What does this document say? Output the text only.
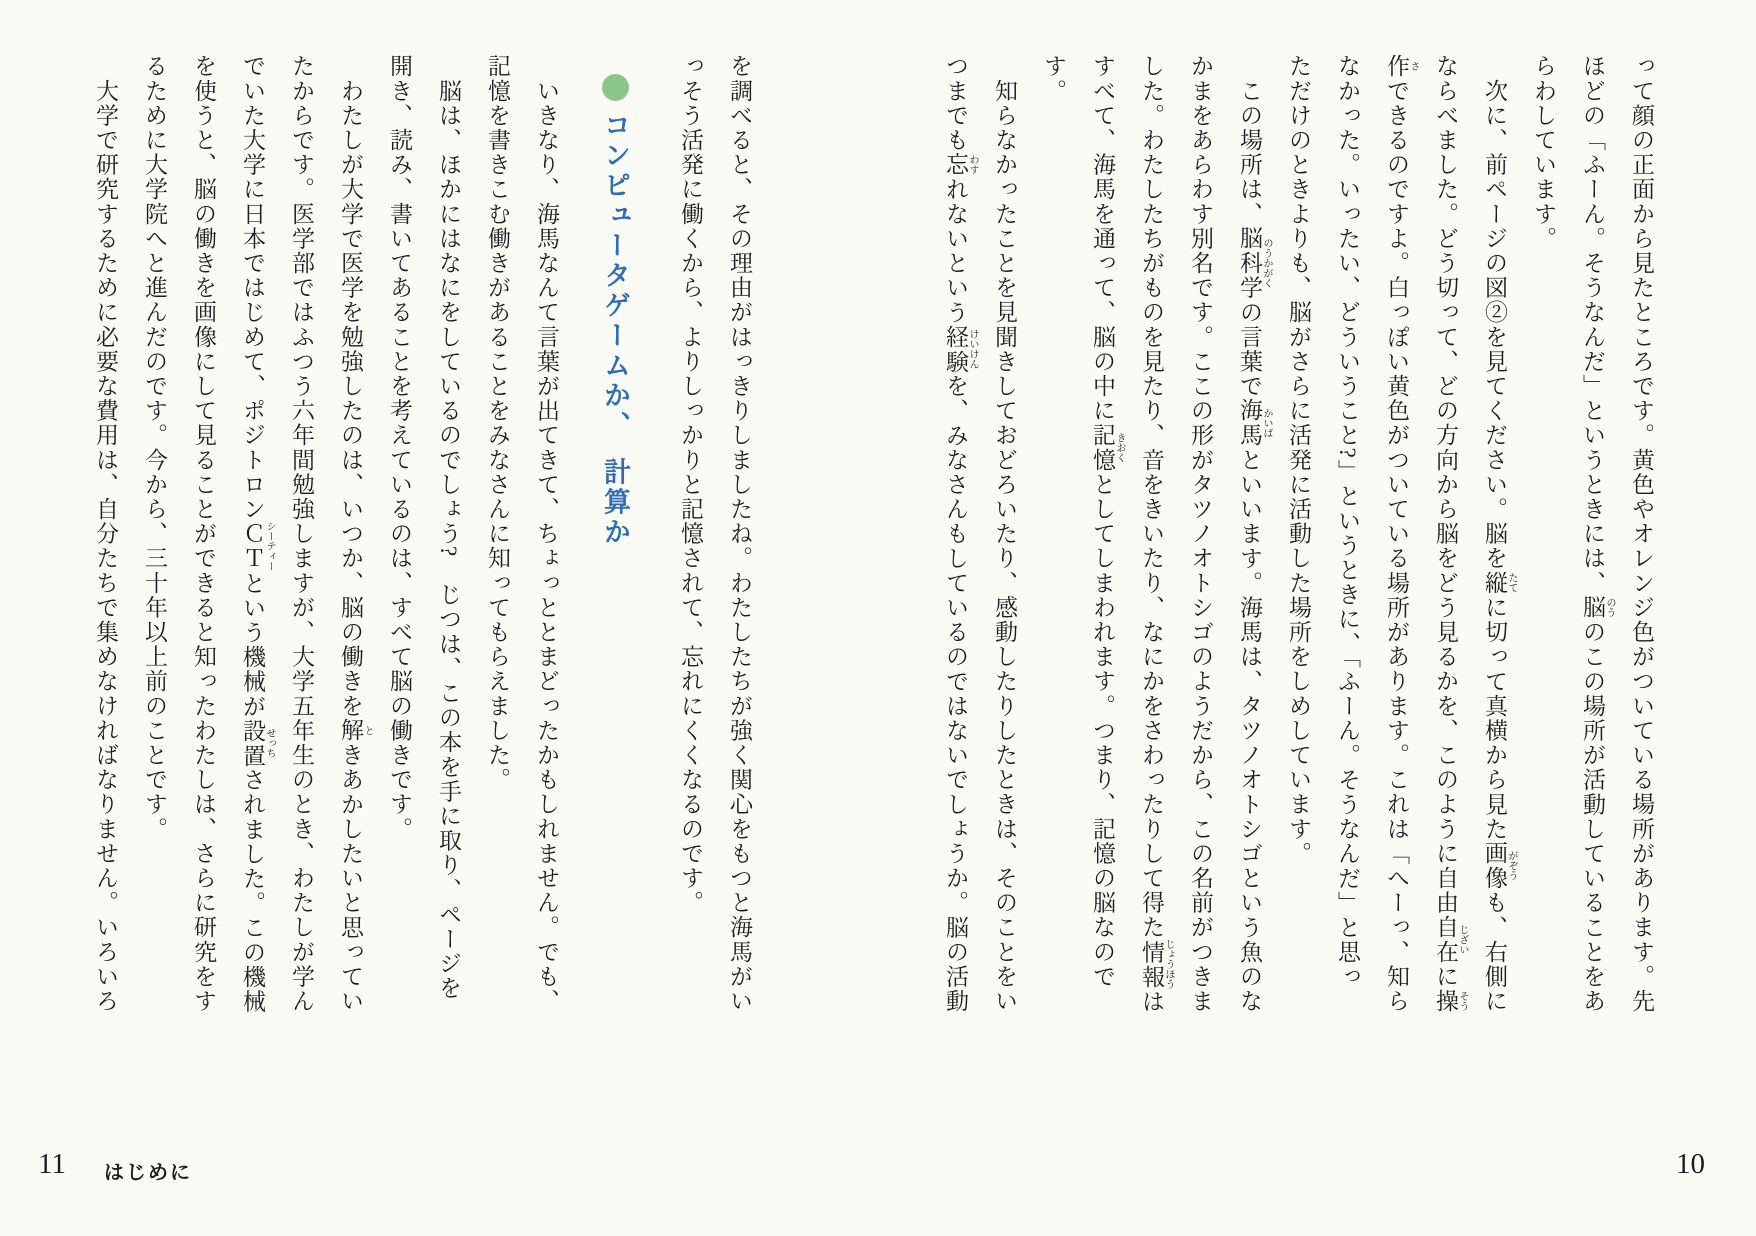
って顔の正面から見たところです。黄色やオレンジ色がついている場所があります。先
ほどの「ふーん。そうなんだ」というときには、脳 のうのこの場所が活動していることをあ
らわしています。
　次に、前ページの図②を見てください。脳を縦 たてに切って真横から見た画像 がぞうも、右側に
ならべました。どう切って、どの方向から脳をどう見るかを、このように自由自在 じざいに操 そう
作 さできるのですよ。白っぽい黄色がついている場所があります。これは「へーっ、知ら
なかった。いったい、どういうこと?」というときに、「ふーん。そうなんだ」と思っ
ただけのときよりも、脳がさらに活発に活動した場所をしめしています。
　この場所は、脳科学 のうかがくの言葉で海馬 かいばといいます。海馬は、タツノオトシゴという魚のな
かまをあらわす別名です。ここの形がタツノオトシゴのようだから、この名前がつきま
した。わたしたちがものを見たり、音をきいたり、なにかをさわったりして得た情報 じょうほうは
すべて、海馬を通って、脳の中に記憶 きおくとしてしまわれます。つまり、記憶の脳なのです。
　知らなかったことを見聞きしておどろいたり、感動したりしたときは、そのことをい
つまでも忘 わすれないという経験 けいけんを、みなさんもしているのではないでしょうか。脳の活動
10
を調べると、その理由がはっきりしましたね。わたしたちが強く関心をもつと海馬がい
っそう活発に働くから、よりしっかりと記憶されて、忘れにくくなるのです。
コンピュータゲームか、　計算か
　いきなり、海馬なんて言葉が出てきて、ちょっととまどったかもしれません。でも、
記憶を書きこむ働きがあることをみなさんに知ってもらえました。
　脳は、ほかにはなにをしているのでしょう?　じつは、この本を手に取り、ページを
開き、読み、書いてあることを考えているのは、すべて脳の働きです。
　わたしが大学で医学を勉強したのは、いつか、脳の働きを解 ときあかしたいと思ってい
たからです。医学部ではふつう六年間勉強しますが、大学五年生のとき、わたしが学ん
でいた大学に日本ではじめて、ポジトロンＣＴ シーティーという機械が設置 せっちされました。この機械
を使うと、脳の働きを画像にして見ることができると知ったわたしは、さらに研究をす
るために大学院へと進んだのです。今から、三十年以上前のことです。
　大学で研究するために必要な費用は、自分たちで集めなければなりません。いろいろ
11 はじめに
